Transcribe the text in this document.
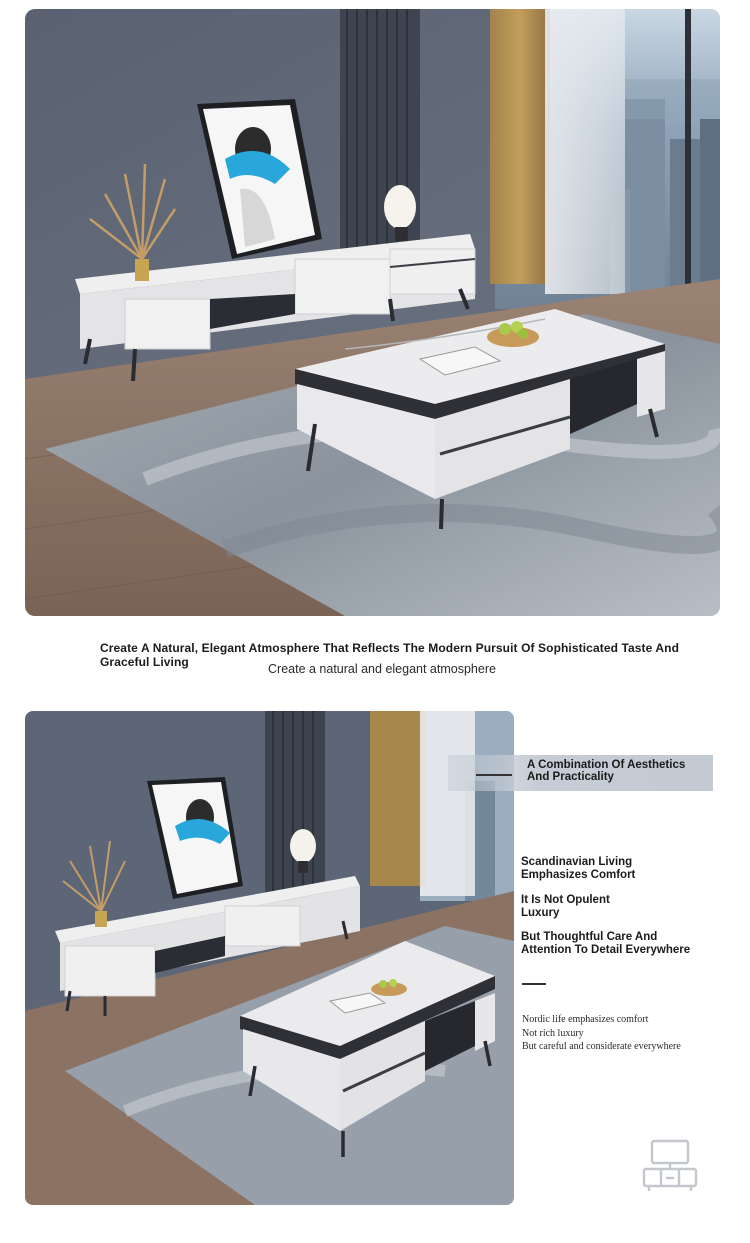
Create A Natural, Elegant Atmosphere That Reflects The Modern Pursuit Of Sophisticated Taste And Graceful Living	Create a natural and elegant atmosphere
A Combination Of Aesthetics
And Practicality
Scandinavian Living
Emphasizes Comfort
It Is Not Opulent
Luxury
But Thoughtful Care And
Attention To Detail Everywhere
Nordic life emphasizes comfort
Not rich luxury
But careful and considerate everywhere
